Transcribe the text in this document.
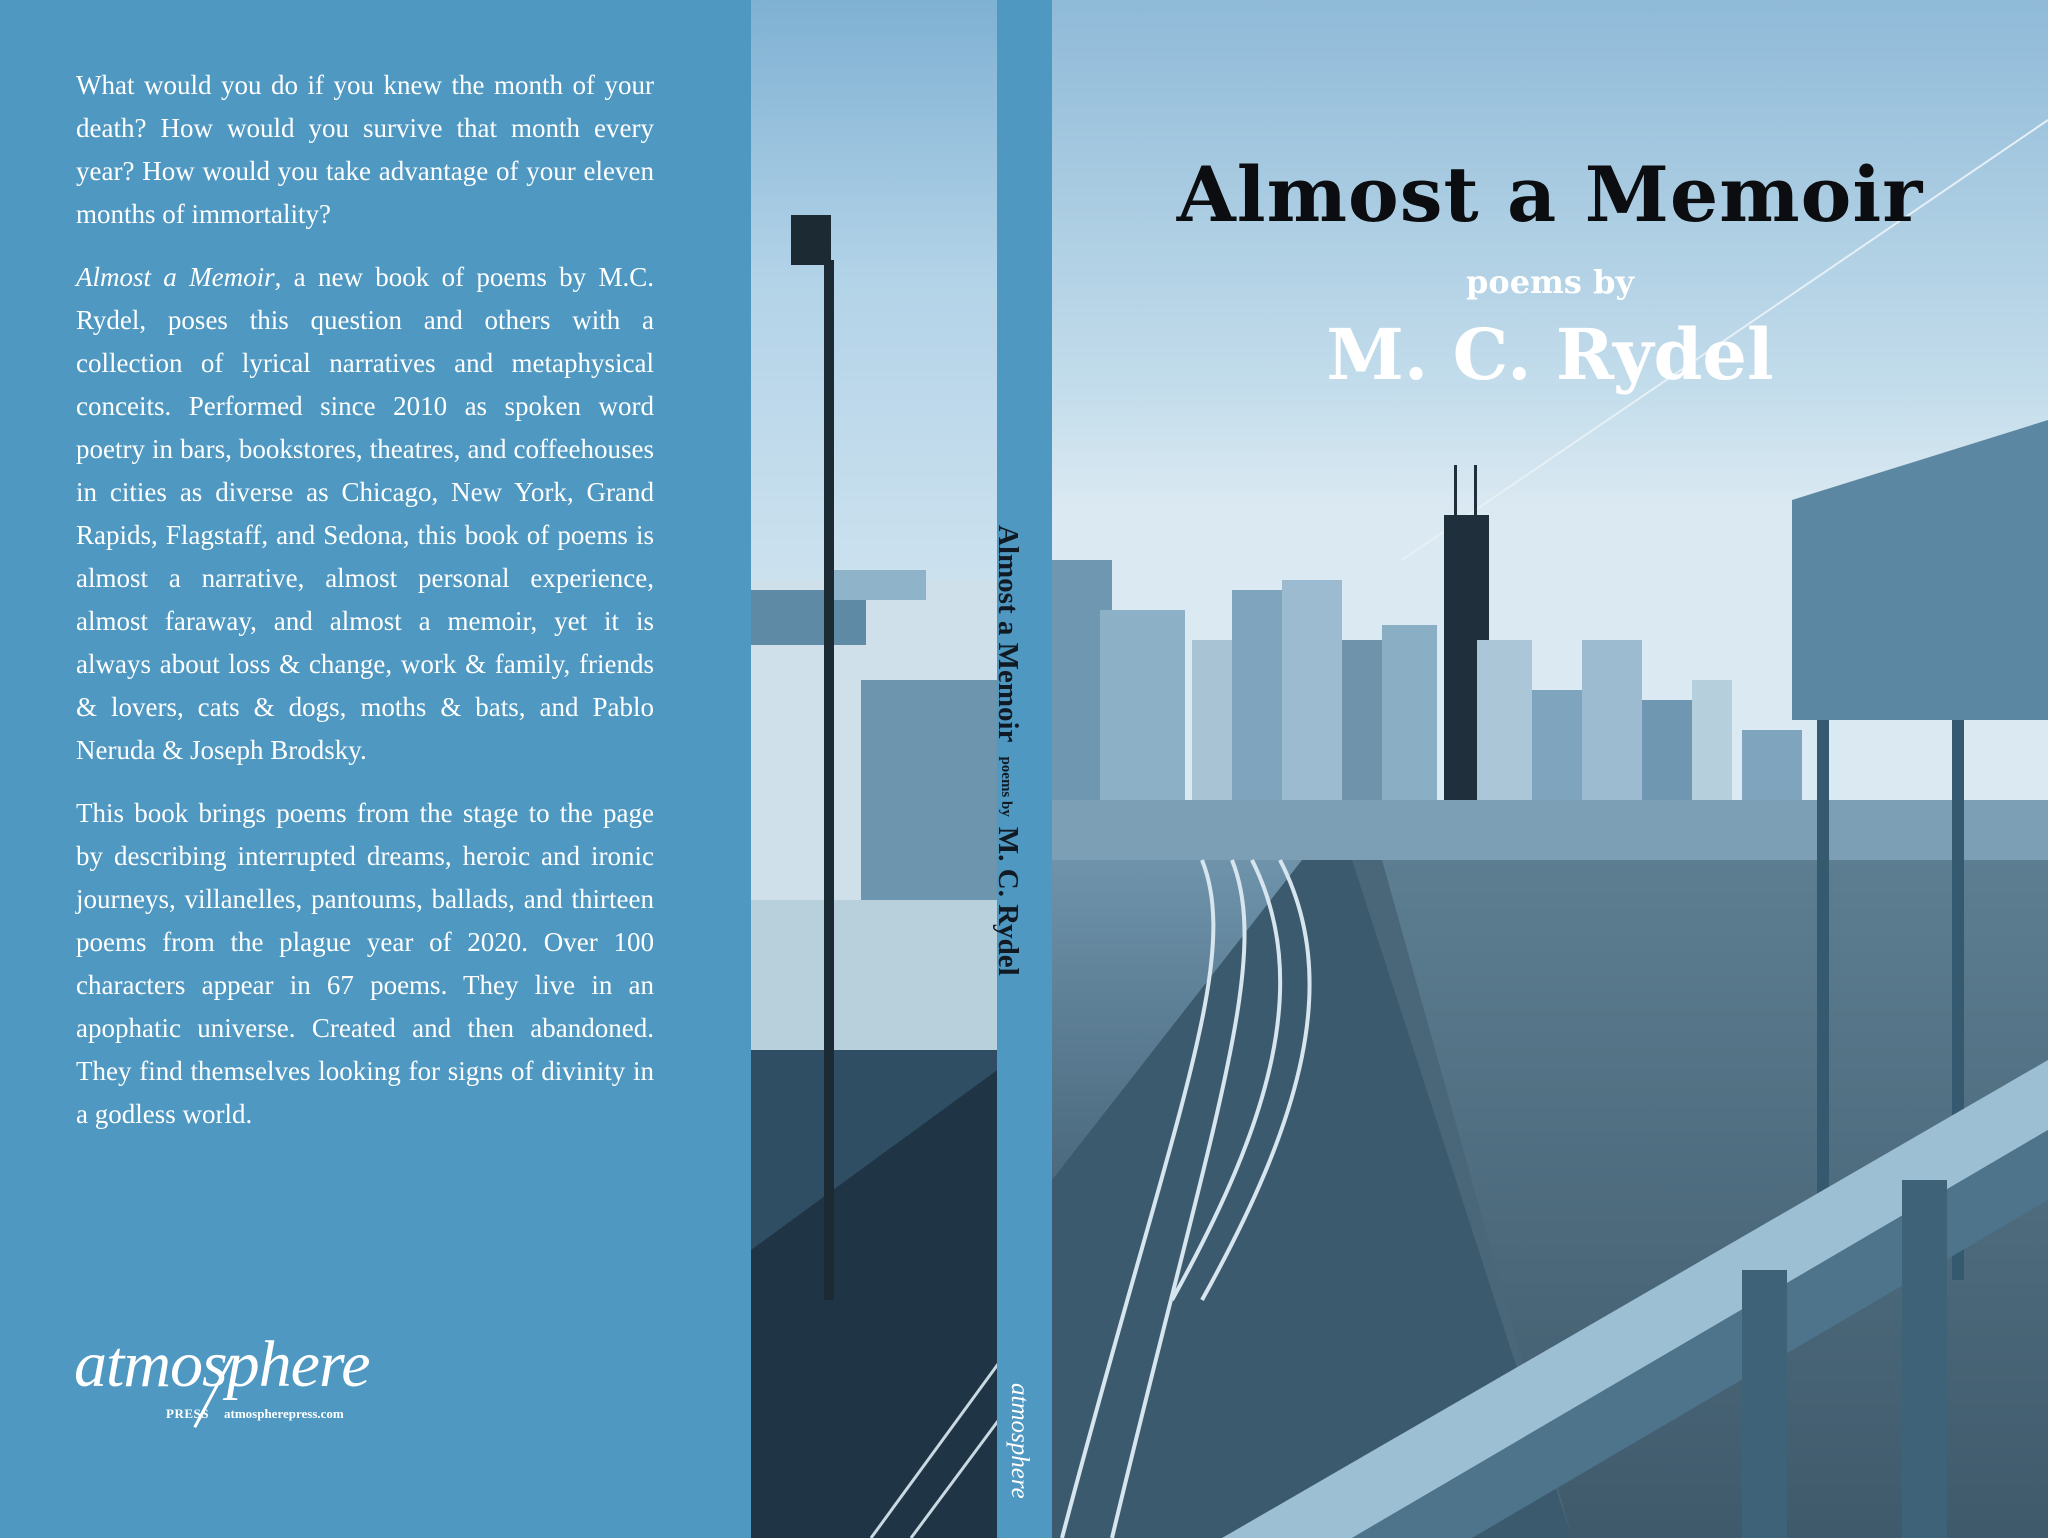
What would you do if you knew the month of your death? How would you survive that month every year? How would you take advantage of your eleven months of immortality?

Almost a Memoir, a new book of poems by M.C. Rydel, poses this question and others with a collection of lyrical narratives and metaphysical conceits. Performed since 2010 as spoken word poetry in bars, bookstores, theatres, and coffeehouses in cities as diverse as Chicago, New York, Grand Rapids, Flagstaff, and Sedona, this book of poems is almost a narrative, almost personal experience, almost faraway, and almost a memoir, yet it is always about loss & change, work & family, friends & lovers, cats & dogs, moths & bats, and Pablo Neruda & Joseph Brodsky.

This book brings poems from the stage to the page by describing interrupted dreams, heroic and ironic journeys, villanelles, pantoums, ballads, and thirteen poems from the plague year of 2020. Over 100 characters appear in 67 poems. They live in an apophatic universe. Created and then abandoned. They find themselves looking for signs of divinity in a godless world.

atmosphere
PRESS atmospherepress.com
Almost a Memoirpoems byM. C. Rydel
atmosphere
Almost a Memoir
poems by
M. C. Rydel
